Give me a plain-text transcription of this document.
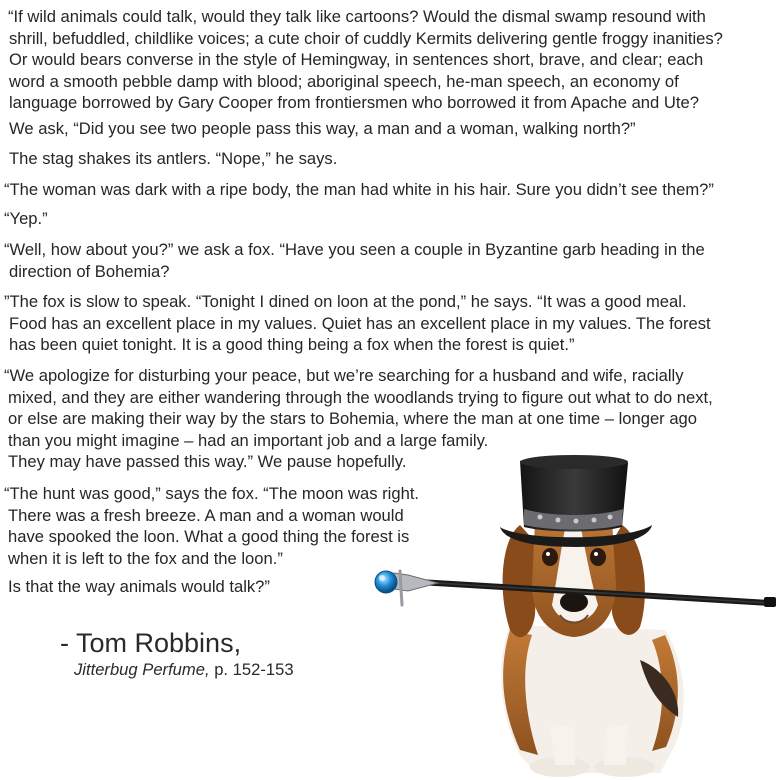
“If wild animals could talk, would they talk like cartoons? Would the dismal swamp resound with
shrill, befuddled, childlike voices; a cute choir of cuddly Kermits delivering gentle froggy inanities?
Or would bears converse in the style of Hemingway, in sentences short, brave, and clear; each
word a smooth pebble damp with blood; aboriginal speech, he-man speech, an economy of
language borrowed by Gary Cooper from frontiersmen who borrowed it from Apache and Ute?
We ask, “Did you see two people pass this way, a man and a woman, walking north?”
The stag shakes its antlers. “Nope,” he says.
“The woman was dark with a ripe body, the man had white in his hair. Sure you didn’t see them?”
“Yep.”
“Well, how about you?” we ask a fox. “Have you seen a couple in Byzantine garb heading in the
direction of Bohemia?
”The fox is slow to speak. “Tonight I dined on loon at the pond,” he says. “It was a good meal.
Food has an excellent place in my values. Quiet has an excellent place in my values. The forest
has been quiet tonight. It is a good thing being a fox when the forest is quiet.”
“We apologize for disturbing your peace, but we’re searching for a husband and wife, racially
mixed, and they are either wandering through the woodlands trying to figure out what to do next,
or else are making their way by the stars to Bohemia, where the man at one time – longer ago
than you might imagine – had an important job and a large family.
They may have passed this way.” We pause hopefully.
“The hunt was good,” says the fox. “The moon was right.
There was a fresh breeze. A man and a woman would
have spooked the loon. What a good thing the forest is
when it is left to the fox and the loon.”
Is that the way animals would talk?”
- Tom Robbins,
Jitterbug Perfume, p. 152-153
